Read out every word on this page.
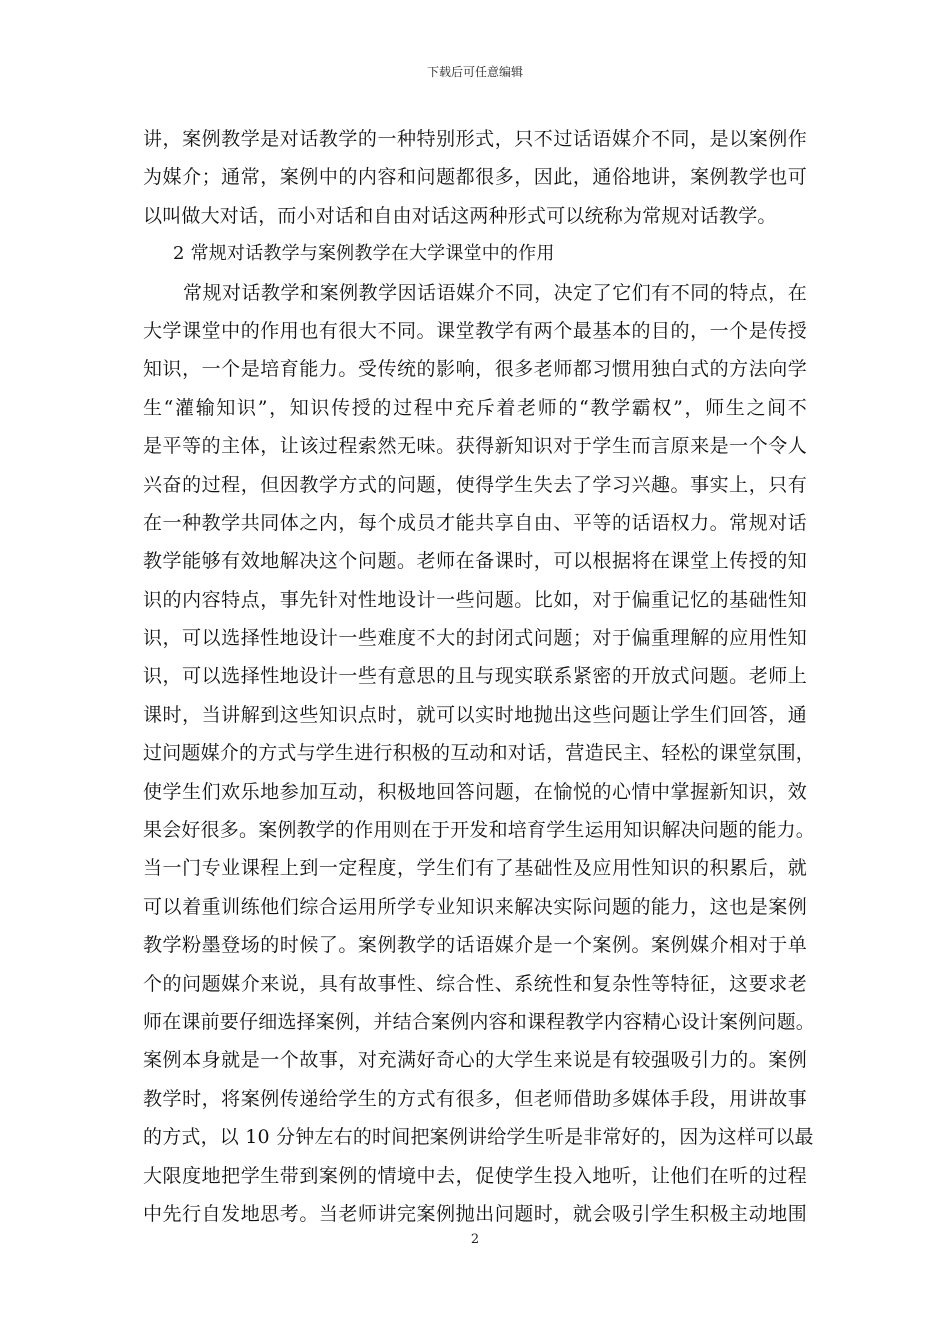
下载后可任意编辑
讲，案例教学是对话教学的一种特别形式，只不过话语媒介不同，是以案例作
为媒介；通常，案例中的内容和问题都很多，因此，通俗地讲，案例教学也可
以叫做大对话，而小对话和自由对话这两种形式可以统称为常规对话教学。
2 常规对话教学与案例教学在大学课堂中的作用
常规对话教学和案例教学因话语媒介不同，决定了它们有不同的特点，在
大学课堂中的作用也有很大不同。课堂教学有两个最基本的目的，一个是传授
知识，一个是培育能力。受传统的影响，很多老师都习惯用独白式的方法向学
生“灌输知识”，知识传授的过程中充斥着老师的“教学霸权”，师生之间不
是平等的主体，让该过程索然无味。获得新知识对于学生而言原来是一个令人
兴奋的过程，但因教学方式的问题，使得学生失去了学习兴趣。事实上，只有
在一种教学共同体之内，每个成员才能共享自由、平等的话语权力。常规对话
教学能够有效地解决这个问题。老师在备课时，可以根据将在课堂上传授的知
识的内容特点，事先针对性地设计一些问题。比如，对于偏重记忆的基础性知
识，可以选择性地设计一些难度不大的封闭式问题；对于偏重理解的应用性知
识，可以选择性地设计一些有意思的且与现实联系紧密的开放式问题。老师上
课时，当讲解到这些知识点时，就可以实时地抛出这些问题让学生们回答，通
过问题媒介的方式与学生进行积极的互动和对话，营造民主、轻松的课堂氛围，
使学生们欢乐地参加互动，积极地回答问题，在愉悦的心情中掌握新知识，效
果会好很多。案例教学的作用则在于开发和培育学生运用知识解决问题的能力。
当一门专业课程上到一定程度，学生们有了基础性及应用性知识的积累后，就
可以着重训练他们综合运用所学专业知识来解决实际问题的能力，这也是案例
教学粉墨登场的时候了。案例教学的话语媒介是一个案例。案例媒介相对于单
个的问题媒介来说，具有故事性、综合性、系统性和复杂性等特征，这要求老
师在课前要仔细选择案例，并结合案例内容和课程教学内容精心设计案例问题。
案例本身就是一个故事，对充满好奇心的大学生来说是有较强吸引力的。案例
教学时，将案例传递给学生的方式有很多，但老师借助多媒体手段，用讲故事
的方式，以 10 分钟左右的时间把案例讲给学生听是非常好的，因为这样可以最
大限度地把学生带到案例的情境中去，促使学生投入地听，让他们在听的过程
中先行自发地思考。当老师讲完案例抛出问题时，就会吸引学生积极主动地围
2
